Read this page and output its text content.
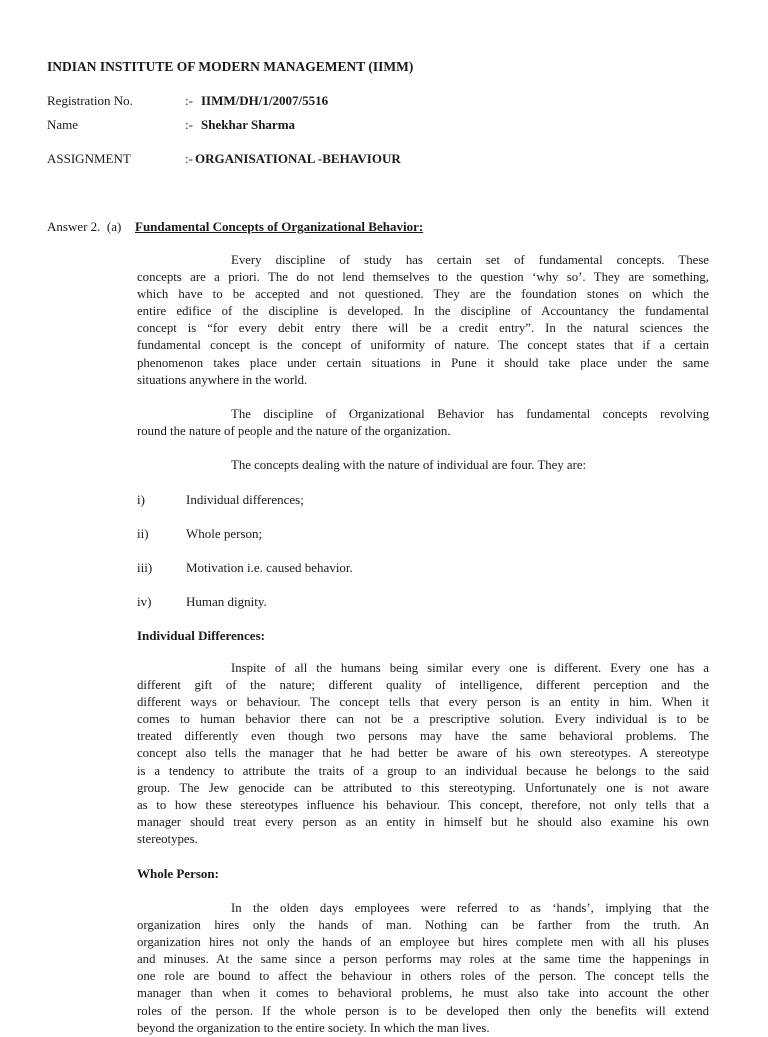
INDIAN INSTITUTE OF MODERN MANAGEMENT (IIMM)
Registration No.	:- IIMM/DH/1/2007/5516
Name	:- Shekhar Sharma
ASSIGNMENT	:- ORGANISATIONAL -BEHAVIOUR
Answer 2.  (a) Fundamental Concepts of Organizational Behavior:
Every discipline of study has certain set of fundamental concepts. These
concepts are a priori. The do not lend themselves to the question ‘why so’. They are something,
which have to be accepted and not questioned. They are the foundation stones on which the
entire edifice of the discipline is developed. In the discipline of Accountancy the fundamental
concept is “for every debit entry there will be a credit entry”. In the natural sciences the
fundamental concept is the concept of uniformity of nature. The concept states that if a certain
phenomenon takes place under certain situations in Pune it should take place under the same
situations anywhere in the world.
The discipline of Organizational Behavior has fundamental concepts revolving
round the nature of people and the nature of the organization.
The concepts dealing with the nature of individual are four. They are:
i)	Individual differences;
ii)	Whole person;
iii)	Motivation i.e. caused behavior.
iv)	Human dignity.
Individual Differences:
Inspite of all the humans being similar every one is different. Every one has a
different gift of the nature; different quality of intelligence, different perception and the
different ways or behaviour. The concept tells that every person is an entity in him. When it
comes to human behavior there can not be a prescriptive solution. Every individual is to be
treated differently even though two persons may have the same behavioral problems. The
concept also tells the manager that he had better be aware of his own stereotypes. A stereotype
is a tendency to attribute the traits of a group to an individual because he belongs to the said
group. The Jew genocide can be attributed to this stereotyping. Unfortunately one is not aware
as to how these stereotypes influence his behaviour. This concept, therefore, not only tells that a
manager should treat every person as an entity in himself but he should also examine his own
stereotypes.
Whole Person:
In the olden days employees were referred to as ‘hands’, implying that the
organization hires only the hands of man. Nothing can be farther from the truth. An
organization hires not only the hands of an employee but hires complete men with all his pluses
and minuses. At the same since a person performs may roles at the same time the happenings in
one role are bound to affect the behaviour in others roles of the person. The concept tells the
manager than when it comes to behavioral problems, he must also take into account the other
roles of the person. If the whole person is to be developed then only the benefits will extend
beyond the organization to the entire society. In which the man lives.
